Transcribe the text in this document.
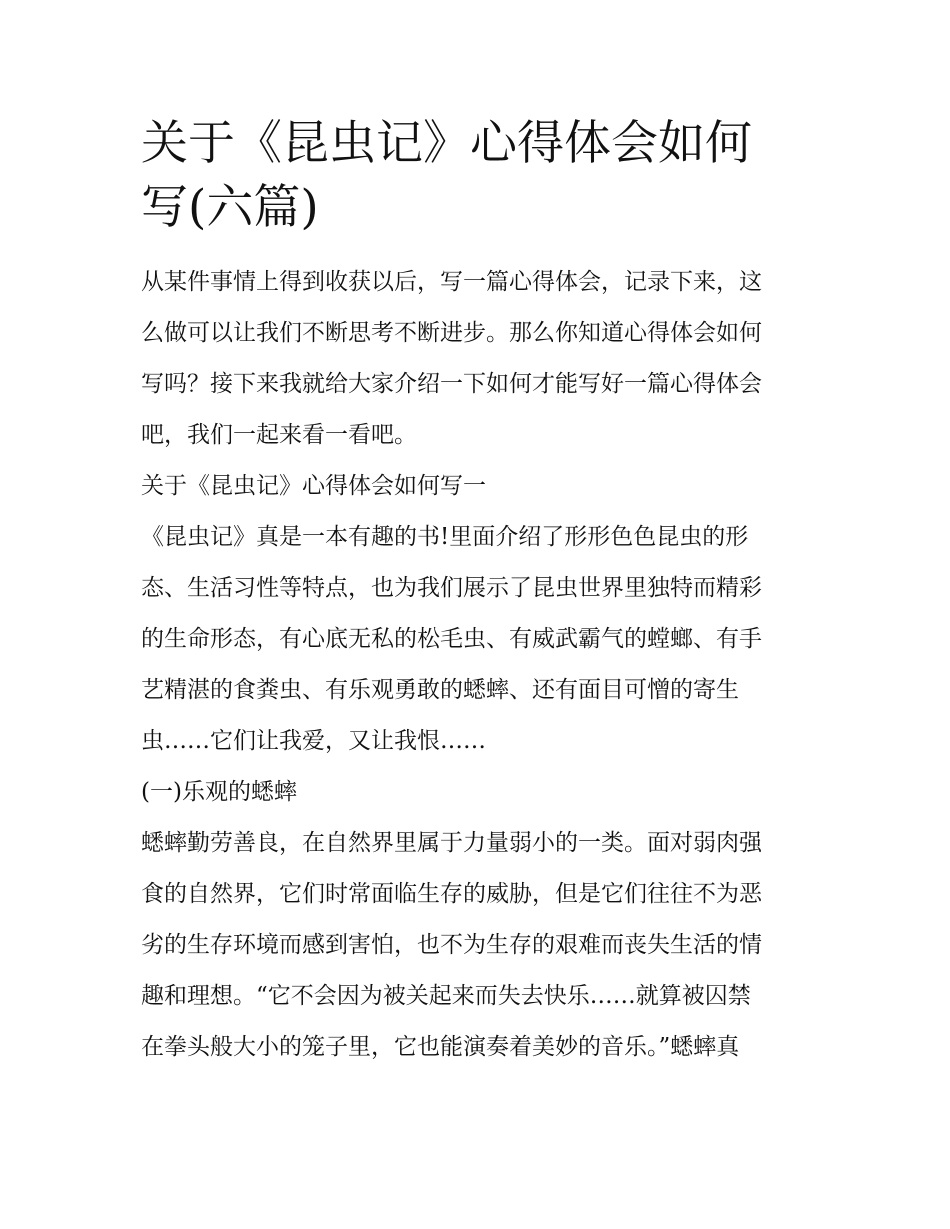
关于《昆虫记》心得体会如何
写(六篇)
从某件事情上得到收获以后，写一篇心得体会，记录下来，这
么做可以让我们不断思考不断进步。那么你知道心得体会如何
写吗？接下来我就给大家介绍一下如何才能写好一篇心得体会
吧，我们一起来看一看吧。
关于《昆虫记》心得体会如何写一
《昆虫记》真是一本有趣的书!里面介绍了形形色色昆虫的形
态、生活习性等特点，也为我们展示了昆虫世界里独特而精彩
的生命形态，有心底无私的松毛虫、有威武霸气的螳螂、有手
艺精湛的食粪虫、有乐观勇敢的蟋蟀、还有面目可憎的寄生
虫……它们让我爱，又让我恨……
(一)乐观的蟋蟀
蟋蟀勤劳善良，在自然界里属于力量弱小的一类。面对弱肉强
食的自然界，它们时常面临生存的威胁，但是它们往往不为恶
劣的生存环境而感到害怕，也不为生存的艰难而丧失生活的情
趣和理想。“它不会因为被关起来而失去快乐……就算被囚禁
在拳头般大小的笼子里，它也能演奏着美妙的音乐。”蟋蟀真
